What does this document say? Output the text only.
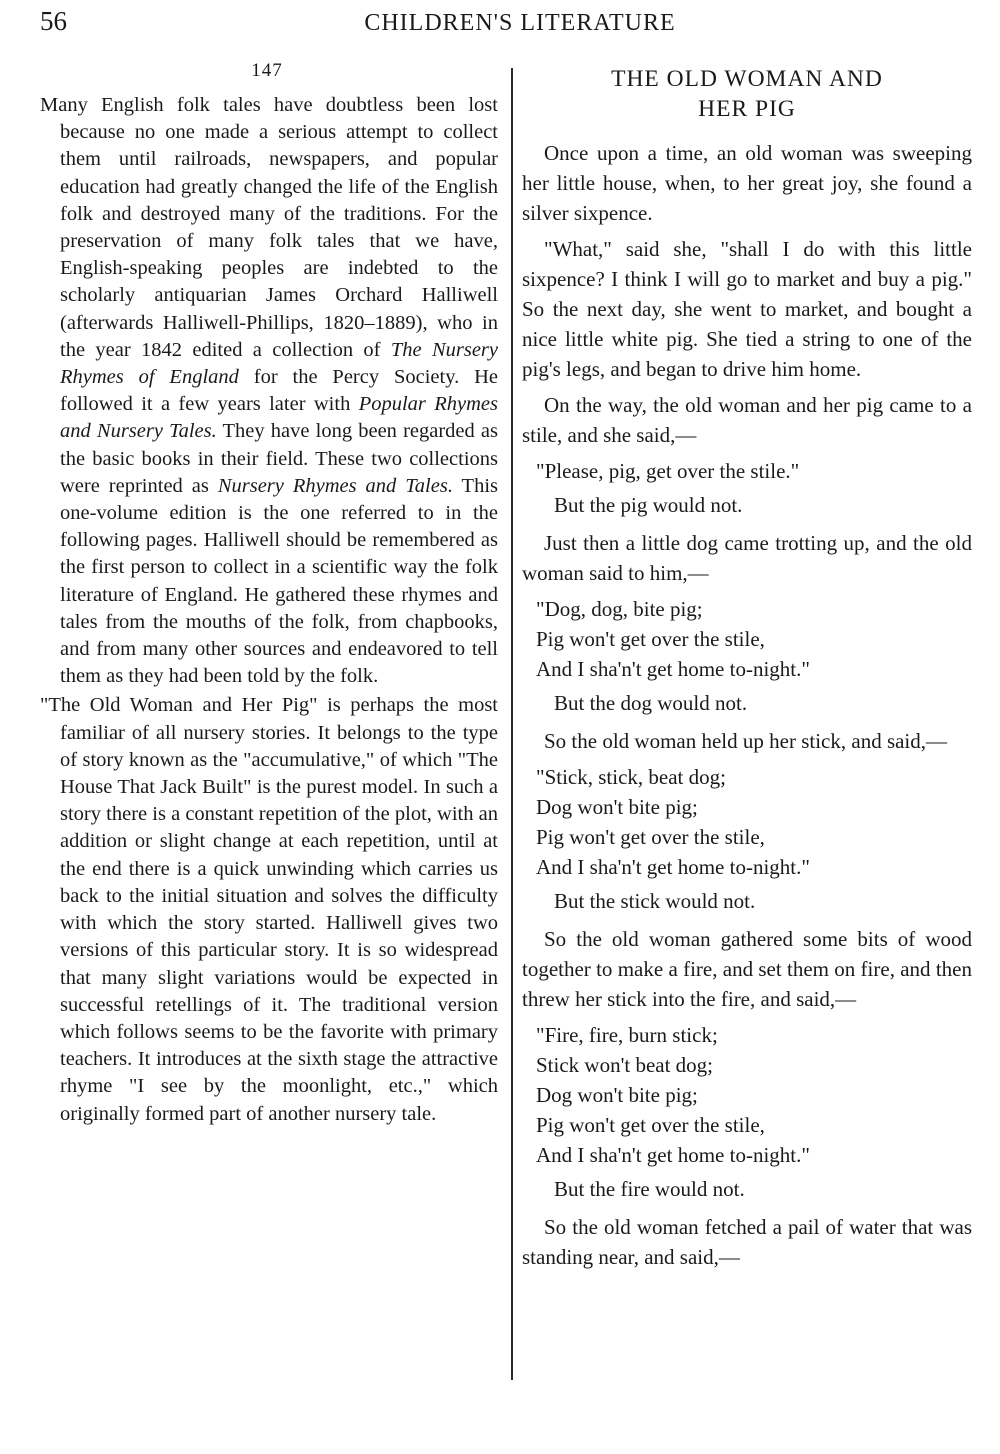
56	CHILDREN'S LITERATURE
147

Many English folk tales have doubtless been lost because no one made a serious attempt to collect them until railroads, newspapers, and popular education had greatly changed the life of the English folk and destroyed many of the traditions. For the preservation of many folk tales that we have, English-speaking peoples are indebted to the scholarly antiquarian James Orchard Halliwell (afterwards Halliwell-Phillips, 1820–1889), who in the year 1842 edited a collection of The Nursery Rhymes of England for the Percy Society. He followed it a few years later with Popular Rhymes and Nursery Tales. They have long been regarded as the basic books in their field. These two collections were reprinted as Nursery Rhymes and Tales. This one-volume edition is the one referred to in the following pages. Halliwell should be remembered as the first person to collect in a scientific way the folk literature of England. He gathered these rhymes and tales from the mouths of the folk, from chapbooks, and from many other sources and endeavored to tell them as they had been told by the folk.

"The Old Woman and Her Pig" is perhaps the most familiar of all nursery stories. It belongs to the type of story known as the "accumulative," of which "The House That Jack Built" is the purest model. In such a story there is a constant repetition of the plot, with an addition or slight change at each repetition, until at the end there is a quick unwinding which carries us back to the initial situation and solves the difficulty with which the story started. Halliwell gives two versions of this particular story. It is so widespread that many slight variations would be expected in successful retellings of it. The traditional version which follows seems to be the favorite with primary teachers. It introduces at the sixth stage the attractive rhyme "I see by the moonlight, etc.," which originally formed part of another nursery tale.

THE OLD WOMAN AND
HER PIG

Once upon a time, an old woman was sweeping her little house, when, to her great joy, she found a silver sixpence.

"What," said she, "shall I do with this little sixpence? I think I will go to market and buy a pig." So the next day, she went to market, and bought a nice little white pig. She tied a string to one of the pig's legs, and began to drive him home.

On the way, the old woman and her pig came to a stile, and she said,—

"Please, pig, get over the stile."
But the pig would not.

Just then a little dog came trotting up, and the old woman said to him,—

"Dog, dog, bite pig;
Pig won't get over the stile,
And I sha'n't get home to-night."
But the dog would not.

So the old woman held up her stick, and said,—

"Stick, stick, beat dog;
Dog won't bite pig;
Pig won't get over the stile,
And I sha'n't get home to-night."
But the stick would not.

So the old woman gathered some bits of wood together to make a fire, and set them on fire, and then threw her stick into the fire, and said,—

"Fire, fire, burn stick;
Stick won't beat dog;
Dog won't bite pig;
Pig won't get over the stile,
And I sha'n't get home to-night."
But the fire would not.

So the old woman fetched a pail of water that was standing near, and said,—
